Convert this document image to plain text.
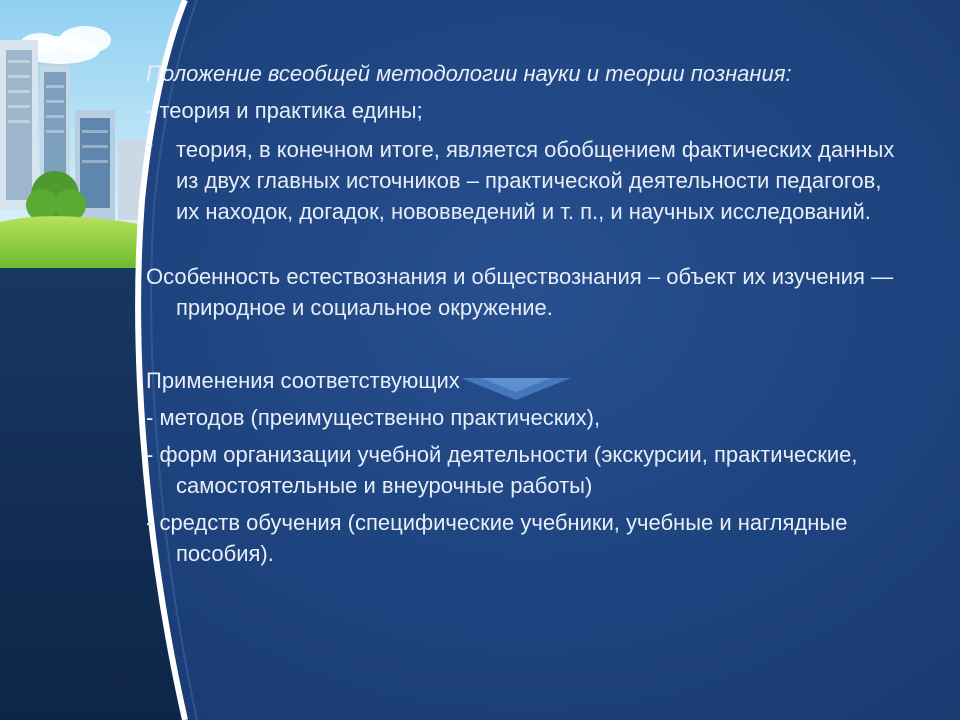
Положение всеобщей методологии науки и теории познания:

- теория и практика едины;

- теория, в конечном итоге, является обобщением фактических данных из двух главных источников – практической деятельности педагогов, их находок, догадок, нововведений и т. п., и научных исследований.

Особенность естествознания и обществознания – объект их изучения — природное и социальное окружение.

Применения соответствующих

- методов (преимущественно практических),

- форм организации учебной деятельности (экскурсии, практические, самостоятельные и внеурочные работы)

- средств обучения (специфические учебники, учебные и наглядные пособия).
